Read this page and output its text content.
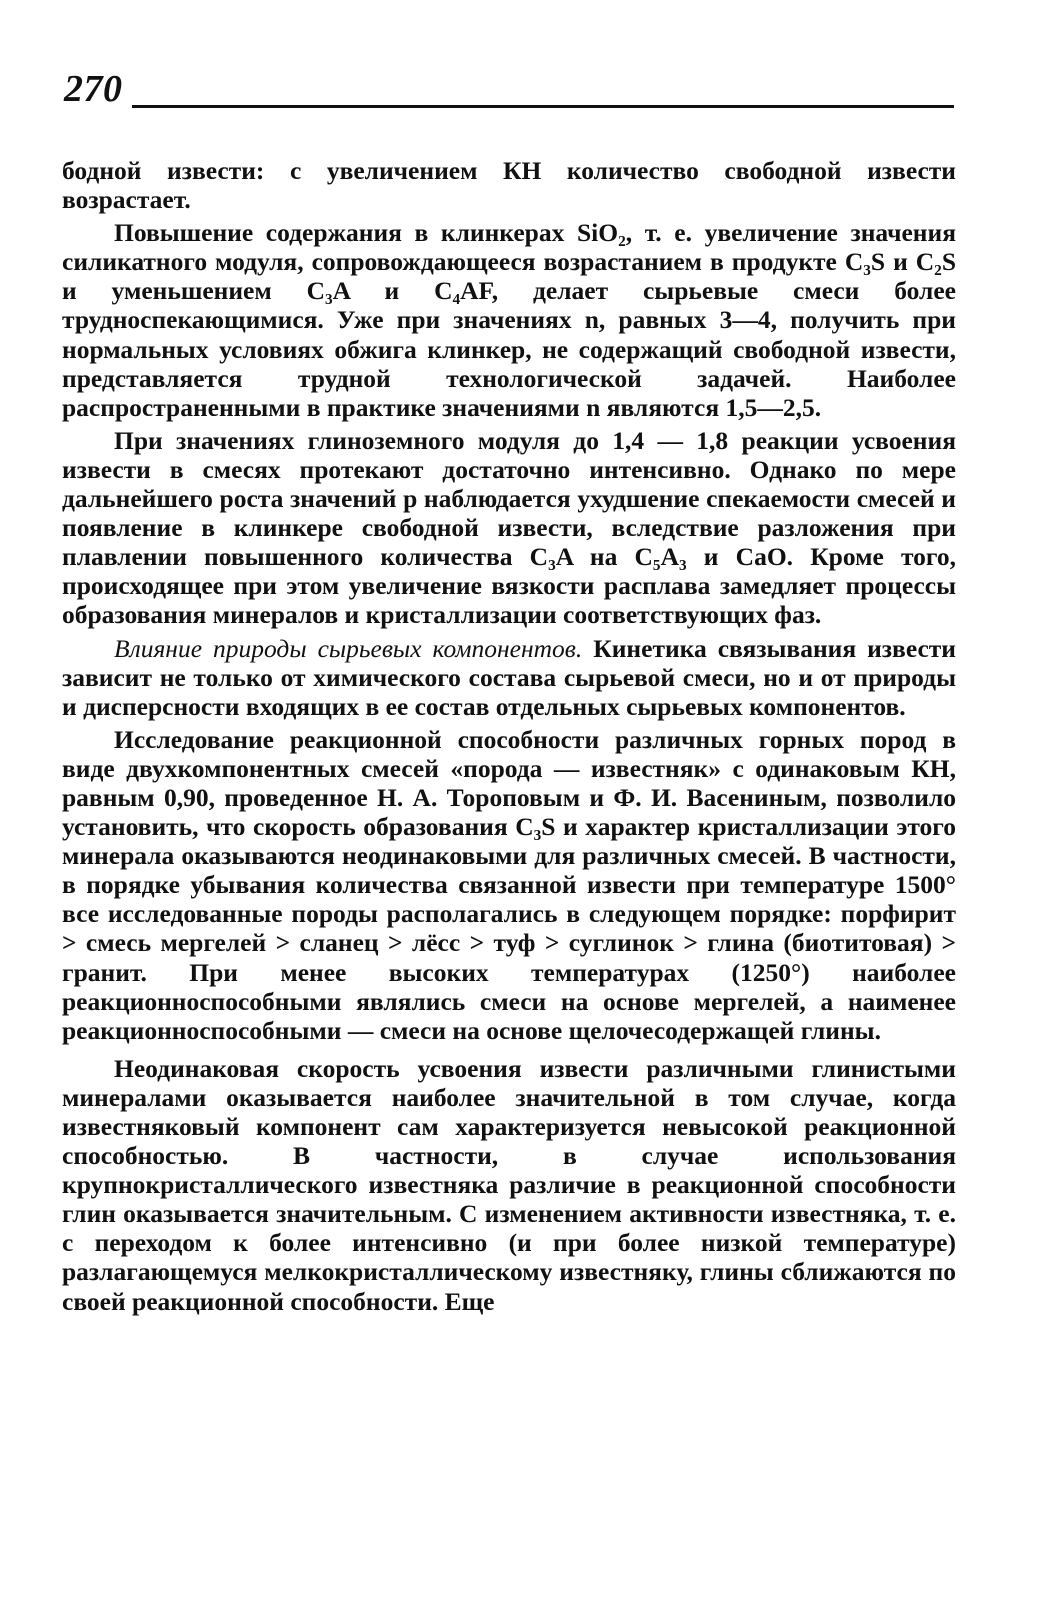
270

бодной извести: с увеличением КН количество свободной извести возрастает.

Повышение содержания в клинкерах SiO₂, т. е. увеличение значения силикатного модуля, сопровождающееся возрастанием в продукте C₃S и C₂S и уменьшением C₃A и C₄AF, делает сырьевые смеси более трудноспекающимися. Уже при значениях n, равных 3—4, получить при нормальных условиях обжига клинкер, не содержащий свободной извести, представляется трудной технологической задачей. Наиболее распространенными в практике значениями n являются 1,5—2,5.

При значениях глиноземного модуля до 1,4 — 1,8 реакции усвоения извести в смесях протекают достаточно интенсивно. Однако по мере дальнейшего роста значений p наблюдается ухудшение спекаемости смесей и появление в клинкере свободной извести, вследствие разложения при плавлении повышенного количества C₃A на C₅A₃ и CaO. Кроме того, происходящее при этом увеличение вязкости расплава замедляет процессы образования минералов и кристаллизации соответствующих фаз.

Влияние природы сырьевых компонентов. Кинетика связывания извести зависит не только от химического состава сырьевой смеси, но и от природы и дисперсности входящих в ее состав отдельных сырьевых компонентов.

Исследование реакционной способности различных горных пород в виде двухкомпонентных смесей «порода — известняк» с одинаковым КН, равным 0,90, проведенное Н. А. Тороповым и Ф. И. Васениным, позволило установить, что скорость образования C₃S и характер кристаллизации этого минерала оказываются неодинаковыми для различных смесей. В частности, в порядке убывания количества связанной извести при температуре 1500° все исследованные породы располагались в следующем порядке: порфирит > смесь мергелей > сланец > лёсс > туф > суглинок > глина (биотитовая) > гранит. При менее высоких температурах (1250°) наиболее реакционноспособными являлись смеси на основе мергелей, а наименее реакционноспособными — смеси на основе щелочесодержащей глины.

Неодинаковая скорость усвоения извести различными глинистыми минералами оказывается наиболее значительной в том случае, когда известняковый компонент сам характеризуется невысокой реакционной способностью. В частности, в случае использования крупнокристаллического известняка различие в реакционной способности глин оказывается значительным. С изменением активности известняка, т. е. с переходом к более интенсивно (и при более низкой температуре) разлагающемуся мелкокристаллическому известняку, глины сближаются по своей реакционной способности. Еще
